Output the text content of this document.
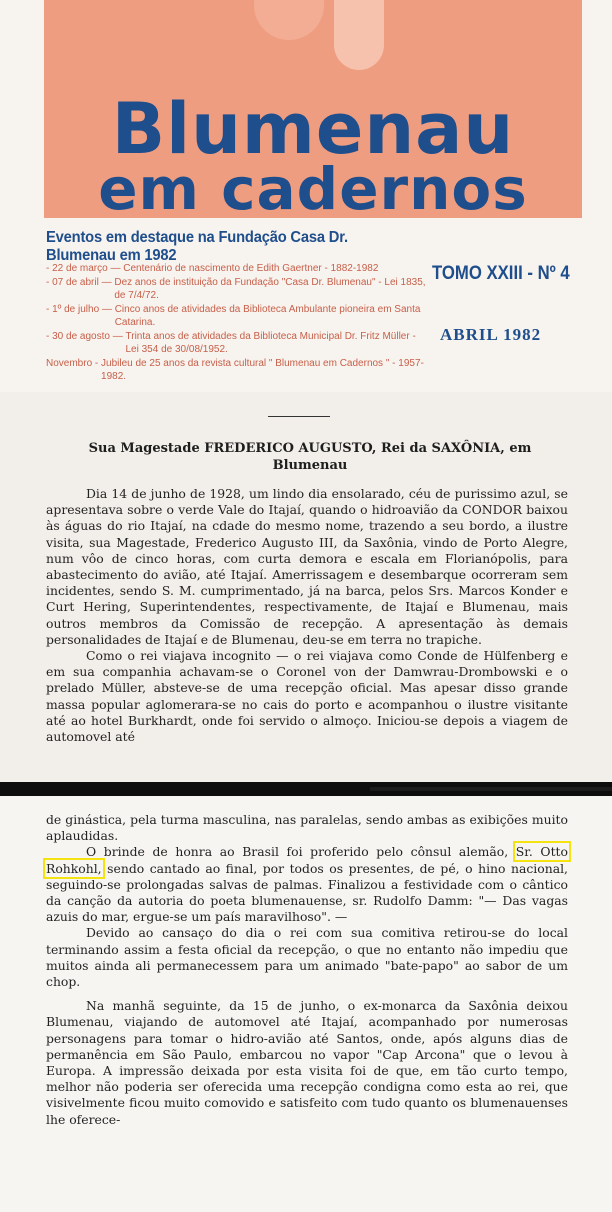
Blumenau
em cadernos
Eventos em destaque na Fundação Casa Dr. Blumenau em 1982
- 22 de março — Centenário de nascimento de Edith Gaertner - 1882-1982
- 07 de abril — Dez anos de instituição da Fundação "Casa Dr. Blumenau" - Lei 1835, de 7/4/72.
- 1º de julho — Cinco anos de atividades da Biblioteca Ambulante pioneira em Santa Catarina.
- 30 de agosto — Trinta anos de atividades da Biblioteca Municipal Dr. Fritz Müller - Lei 354 de 30/08/1952.
Novembro - Jubileu de 25 anos da revista cultural " Blumenau em Cadernos " - 1957-1982.
TOMO XXIII - Nº 4
ABRIL 1982
Sua Magestade FREDERICO AUGUSTO, Rei da SAXÔNIA, em Blumenau

Dia 14 de junho de 1928, um lindo dia ensolarado, céu de purissimo azul, se apresentava sobre o verde Vale do Itajaí, quando o hidroavião da CONDOR baixou às águas do rio Itajaí, na cdade do mesmo nome, trazendo a seu bordo, a ilustre visita, sua Magestade, Frederico Augusto III, da Saxônia, vindo de Porto Alegre, num vôo de cinco horas, com curta demora e escala em Florianópolis, para abastecimento do avião, até Itajaí. Amerrissagem e desembarque ocorreram sem incidentes, sendo S. M. cumprimentado, já na barca, pelos Srs. Marcos Konder e Curt Hering, Superintendentes, respectivamente, de Itajaí e Blumenau, mais outros membros da Comissão de recepção. A apresentação às demais personalidades de Itajaí e de Blumenau, deu-se em terra no trapiche.

Como o rei viajava incognito — o rei viajava como Conde de Hülfenberg e em sua companhia achavam-se o Coronel von der Damwrau-Drombowski e o prelado Müller, absteve-se de uma recepção oficial. Mas apesar disso grande massa popular aglomerara-se no cais do porto e acompanhou o ilustre visitante até ao hotel Burkhardt, onde foi servido o almoço. Iniciou-se depois a viagem de automovel até

de ginástica, pela turma masculina, nas paralelas, sendo ambas as exibições muito aplaudidas.

O brinde de honra ao Brasil foi proferido pelo cônsul alemão, Sr. Otto Rohkohl, sendo cantado ao final, por todos os presentes, de pé, o hino nacional, seguindo-se prolongadas salvas de palmas. Finalizou a festividade com o cântico da canção da autoria do poeta blumenauense, sr. Rudolfo Damm: "— Das vagas azuis do mar, ergue-se um país maravilhoso". —

Devido ao cansaço do dia o rei com sua comitiva retirou-se do local terminando assim a festa oficial da recepção, o que no entanto não impediu que muitos ainda ali permanecessem para um animado "bate-papo" ao sabor de um chop.

Na manhã seguinte, da 15 de junho, o ex-monarca da Saxônia deixou Blumenau, viajando de automovel até Itajaí, acompanhado por numerosas personagens para tomar o hidro-avião até Santos, onde, após alguns dias de permanência em São Paulo, embarcou no vapor "Cap Arcona" que o levou à Europa. A impressão deixada por esta visita foi de que, em tão curto tempo, melhor não poderia ser oferecida uma recepção condigna como esta ao rei, que visivelmente ficou muito comovido e satisfeito com tudo quanto os blumenauenses lhe oferece-
